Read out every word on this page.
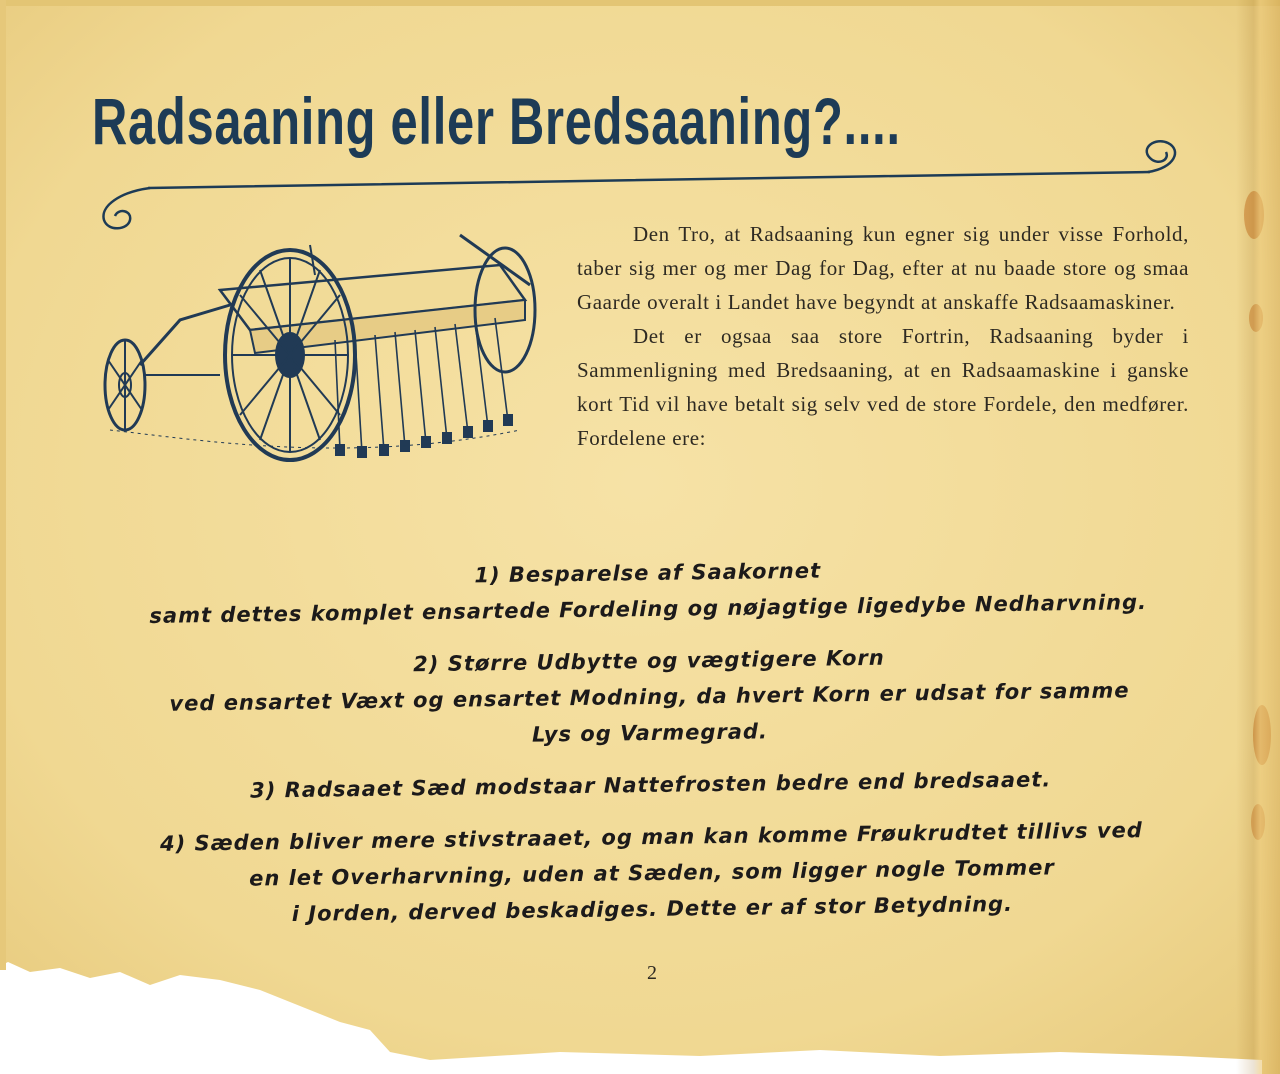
Radsaaning eller Bredsaaning?....

Den Tro, at Radsaaning kun egner sig under visse Forhold, taber sig mer og mer Dag for Dag, efter at nu baade store og smaa Gaarde overalt i Landet have begyndt at anskaffe Radsaamaskiner.

Det er ogsaa saa store Fortrin, Radsaaning byder i Sammenligning med Bredsaaning, at en Radsaamaskine i ganske kort Tid vil have betalt sig selv ved de store Fordele, den medfører. Fordelene ere:

1) Besparelse af Saakornet
samt dettes komplet ensartede Fordeling og nøjagtige ligedybe Nedharvning.
2) Større Udbytte og vægtigere Korn
ved ensartet Væxt og ensartet Modning, da hvert Korn er udsat for samme
Lys og Varmegrad.
3) Radsaaet Sæd modstaar Nattefrosten bedre end bredsaaet.
4) Sæden bliver mere stivstraaet, og man kan komme Frøukrudtet tillivs ved
en let Overharvning, uden at Sæden, som ligger nogle Tommer
i Jorden, derved beskadiges. Dette er af stor Betydning.
2
